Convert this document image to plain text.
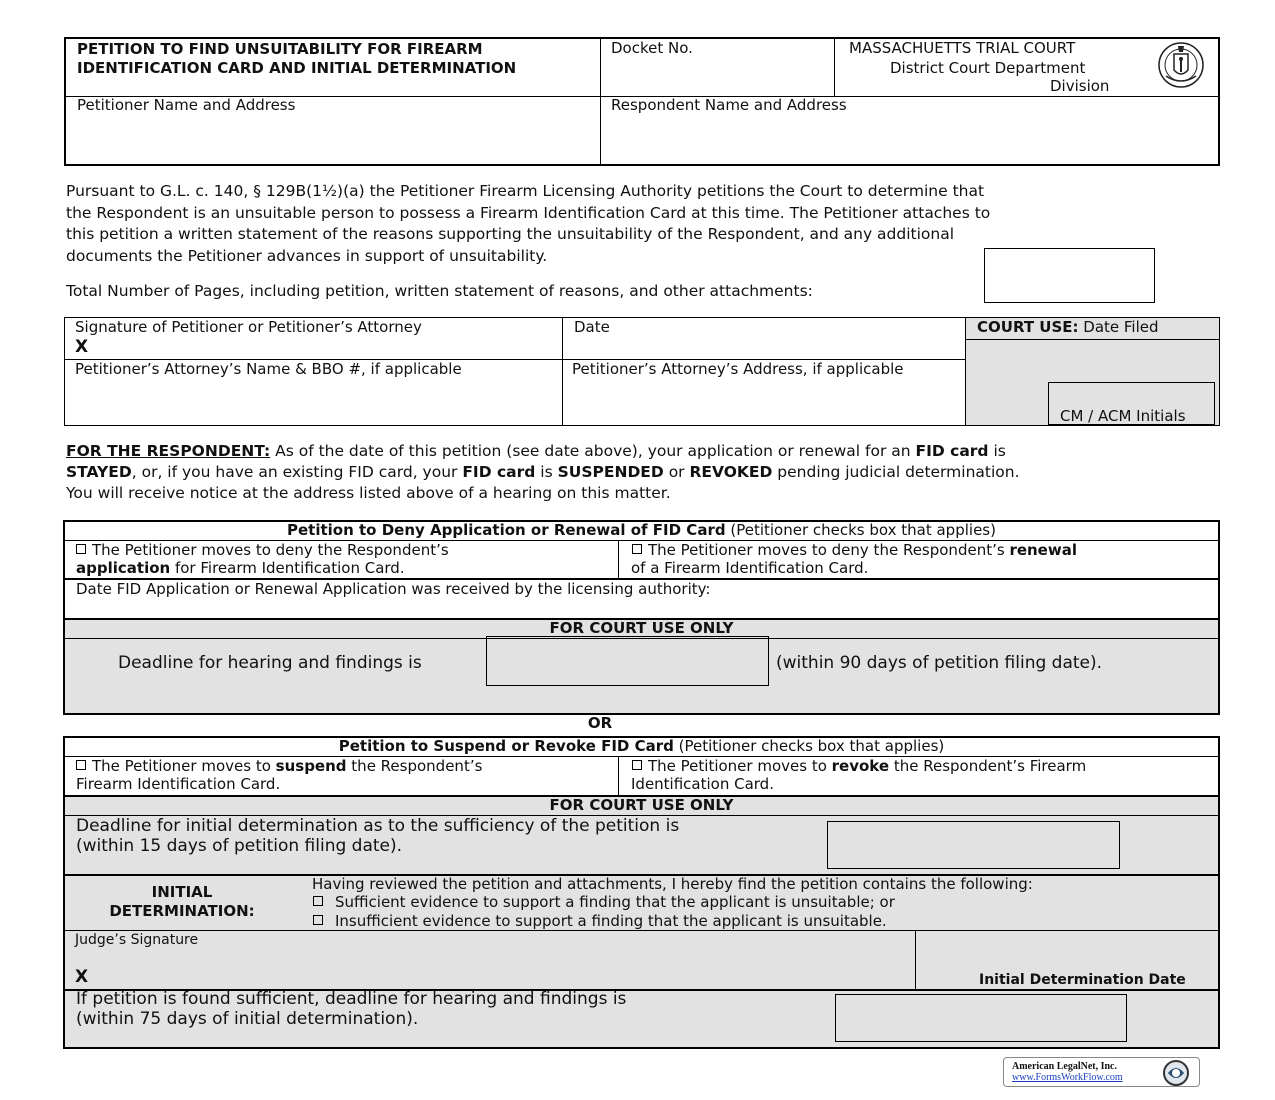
PETITION TO FIND UNSUITABILITY FOR FIREARM
IDENTIFICATION CARD AND INITIAL DETERMINATION
Docket No.	MASSACHUETTS TRIAL COURT
District Court Department
Division
Petitioner Name and Address	Respondent Name and Address

Pursuant to G.L. c. 140, § 129B(1½)(a) the Petitioner Firearm Licensing Authority petitions the Court to determine that

the Respondent is an unsuitable person to possess a Firearm Identification Card at this time. The Petitioner attaches to

this petition a written statement of the reasons supporting the unsuitability of the Respondent, and any additional

documents the Petitioner advances in support of unsuitability.

Total Number of Pages, including petition, written statement of reasons, and other attachments:
Signature of Petitioner or Petitioner’s Attorney
X
Date	COURT USE: Date Filed
Petitioner’s Attorney’s Name & BBO #, if applicable	Petitioner’s Attorney’s Address, if applicable
CM / ACM Initials

FOR THE RESPONDENT: As of the date of this petition (see date above), your application or renewal for an FID card is

STAYED, or, if you have an existing FID card, your FID card is SUSPENDED or REVOKED pending judicial determination.

You will receive notice at the address listed above of a hearing on this matter.

Petition to Deny Application or Renewal of FID Card (Petitioner checks box that applies)
The Petitioner moves to deny the Respondent’s
application for Firearm Identification Card.
The Petitioner moves to deny the Respondent’s renewal
of a Firearm Identification Card.
Date FID Application or Renewal Application was received by the licensing authority:
FOR COURT USE ONLY
Deadline for hearing and findings is	(within 90 days of petition filing date).
OR
Petition to Suspend or Revoke FID Card (Petitioner checks box that applies)
The Petitioner moves to suspend the Respondent’s
Firearm Identification Card.
The Petitioner moves to revoke the Respondent’s Firearm
Identification Card.
FOR COURT USE ONLY
Deadline for initial determination as to the sufficiency of the petition is
(within 15 days of petition filing date).
INITIAL
DETERMINATION:
Having reviewed the petition and attachments, I hereby find the petition contains the following:
Sufficient evidence to support a finding that the applicant is unsuitable; or
Insufficient evidence to support a finding that the applicant is unsuitable.
Judge’s Signature
X	Initial Determination Date
If petition is found sufficient, deadline for hearing and findings is
(within 75 days of initial determination).
American LegalNet, Inc.
www.FormsWorkFlow.com
